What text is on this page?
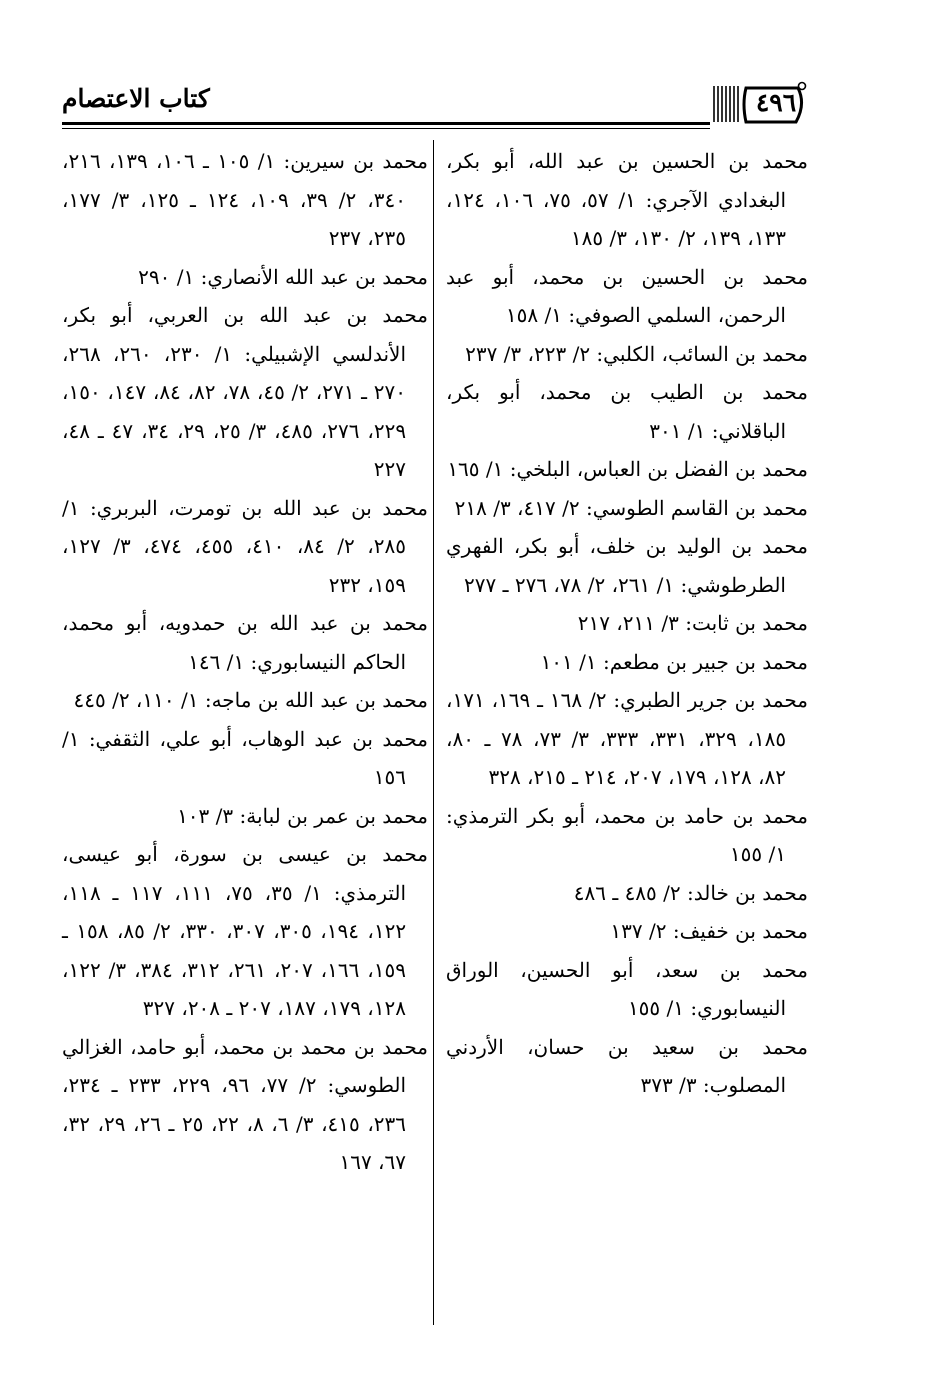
كتاب الاعتصام	٤٩٦
محمد بن الحسين بن عبد الله، أبو بكر، البغدادي الآجري: ١/ ٥٧، ٧٥، ١٠٦، ١٢٤، ١٣٣، ١٣٩، ٢/ ١٣٠، ٣/ ١٨٥
محمد بن الحسين بن محمد، أبو عبد الرحمن، السلمي الصوفي: ١/ ١٥٨
محمد بن السائب، الكلبي: ٢/ ٢٢٣، ٣/ ٢٣٧
محمد بن الطيب بن محمد، أبو بكر، الباقلاني: ١/ ٣٠١
محمد بن الفضل بن العباس، البلخي: ١/ ١٦٥
محمد بن القاسم الطوسي: ٢/ ٤١٧، ٣/ ٢١٨
محمد بن الوليد بن خلف، أبو بكر، الفهري الطرطوشي: ١/ ٢٦١، ٢/ ٧٨، ٢٧٦ ـ ٢٧٧
محمد بن ثابت: ٣/ ٢١١، ٢١٧
محمد بن جبير بن مطعم: ١/ ١٠١
محمد بن جرير الطبري: ٢/ ١٦٨ ـ ١٦٩، ١٧١، ١٨٥، ٣٢٩، ٣٣١، ٣٣٣، ٣/ ٧٣، ٧٨ ـ ٨٠، ٨٢، ١٢٨، ١٧٩، ٢٠٧، ٢١٤ ـ ٢١٥، ٣٢٨
محمد بن حامد بن محمد، أبو بكر الترمذي: ١/ ١٥٥
محمد بن خالد: ٢/ ٤٨٥ ـ ٤٨٦
محمد بن خفيف: ٢/ ١٣٧
محمد بن سعد، أبو الحسين، الوراق النيسابوري: ١/ ١٥٥
محمد بن سعيد بن حسان، الأردني المصلوب: ٣/ ٣٧٣
محمد بن سيرين: ١/ ١٠٥ ـ ١٠٦، ١٣٩، ٢١٦، ٣٤٠، ٢/ ٣٩، ١٠٩، ١٢٤ ـ ١٢٥، ٣/ ١٧٧، ٢٣٥، ٢٣٧
محمد بن عبد الله الأنصاري: ١/ ٢٩٠
محمد بن عبد الله بن العربي، أبو بكر، الأندلسي الإشبيلي: ١/ ٢٣٠، ٢٦٠، ٢٦٨، ٢٧٠ ـ ٢٧١، ٢/ ٤٥، ٧٨، ٨٢، ٨٤، ١٤٧، ١٥٠، ٢٢٩، ٢٧٦، ٤٨٥، ٣/ ٢٥، ٢٩، ٣٤، ٤٧ ـ ٤٨، ٢٢٧
محمد بن عبد الله بن تومرت، البربري: ١/ ٢٨٥، ٢/ ٨٤، ٤١٠، ٤٥٥، ٤٧٤، ٣/ ١٢٧، ١٥٩، ٢٣٢
محمد بن عبد الله بن حمدويه، أبو محمد، الحاكم النيسابوري: ١/ ١٤٦
محمد بن عبد الله بن ماجه: ١/ ١١٠، ٢/ ٤٤٥
محمد بن عبد الوهاب، أبو علي، الثقفي: ١/ ١٥٦
محمد بن عمر بن لبابة: ٣/ ١٠٣
محمد بن عيسى بن سورة، أبو عيسى، الترمذي: ١/ ٣٥، ٧٥، ١١١، ١١٧ ـ ١١٨، ١٢٢، ١٩٤، ٣٠٥، ٣٠٧، ٣٣٠، ٢/ ٨٥، ١٥٨ ـ ١٥٩، ١٦٦، ٢٠٧، ٢٦١، ٣١٢، ٣٨٤، ٣/ ١٢٢، ١٢٨، ١٧٩، ١٨٧، ٢٠٧ ـ ٢٠٨، ٣٢٧
محمد بن محمد بن محمد، أبو حامد، الغزالي الطوسي: ٢/ ٧٧، ٩٦، ٢٢٩، ٢٣٣ ـ ٢٣٤، ٢٣٦، ٤١٥، ٣/ ٦، ٨، ٢٢، ٢٥ ـ ٢٦، ٢٩، ٣٢، ٦٧، ١٦٧
